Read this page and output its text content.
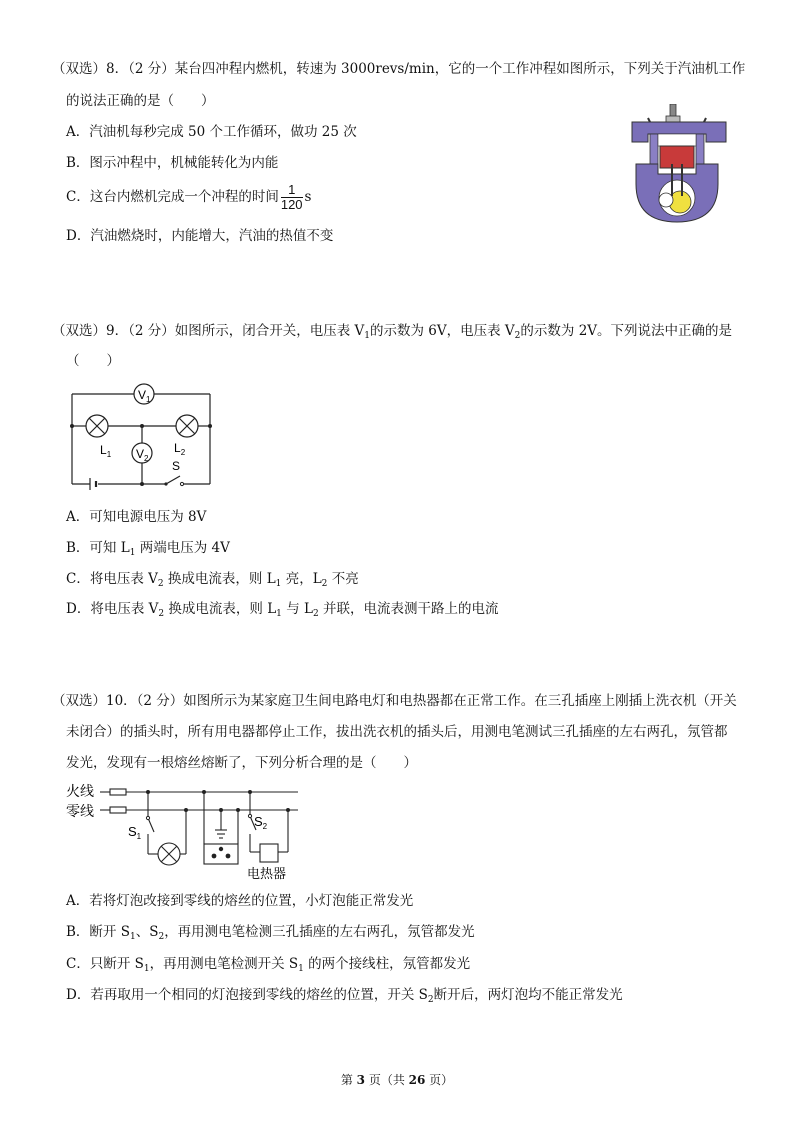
（双选）8．（2 分）某台四冲程内燃机，转速为 3000revs/min，它的一个工作冲程如图所示，下列关于汽油机工作
的说法正确的是（　　）
A．汽油机每秒完成 50 个工作循环，做功 25 次
B．图示冲程中，机械能转化为内能
C．这台内燃机完成一个冲程的时间 $\frac{1}{120}$ s
D．汽油燃烧时，内能增大，汽油的热值不变
（双选）9．（2 分）如图所示，闭合开关，电压表 $V_1$的示数为 6V，电压表 $V_2$的示数为 2V。下列说法中正确的是
（　　）
$V_1$
$L_1$	$L_2$
$V_2$
S
A．可知电源电压为 8V
B．可知 $L_1$ 两端电压为 4V
C．将电压表 $V_2$ 换成电流表，则 $L_1$ 亮，$L_2$ 不亮
D．将电压表 $V_2$ 换成电流表，则 $L_1$ 与 $L_2$ 并联，电流表测干路上的电流
（双选）10．（2 分）如图所示为某家庭卫生间电路电灯和电热器都在正常工作。在三孔插座上刚插上洗衣机（开关
未闭合）的插头时，所有用电器都停止工作，拔出洗衣机的插头后，用测电笔测试三孔插座的左右两孔，氖管都
发光，发现有一根熔丝熔断了，下列分析合理的是（　　）
火线
零线
$S_1$
$S_2$
电热器
A．若将灯泡改接到零线的熔丝的位置，小灯泡能正常发光
B．断开 $S_1$、$S_2$，再用测电笔检测三孔插座的左右两孔，氖管都发光
C．只断开 $S_1$，再用测电笔检测开关 $S_1$ 的两个接线柱，氖管都发光
D．若再取用一个相同的灯泡接到零线的熔丝的位置，开关 $S_2$断开后，两灯泡均不能正常发光
第 3 页（共 26 页）
